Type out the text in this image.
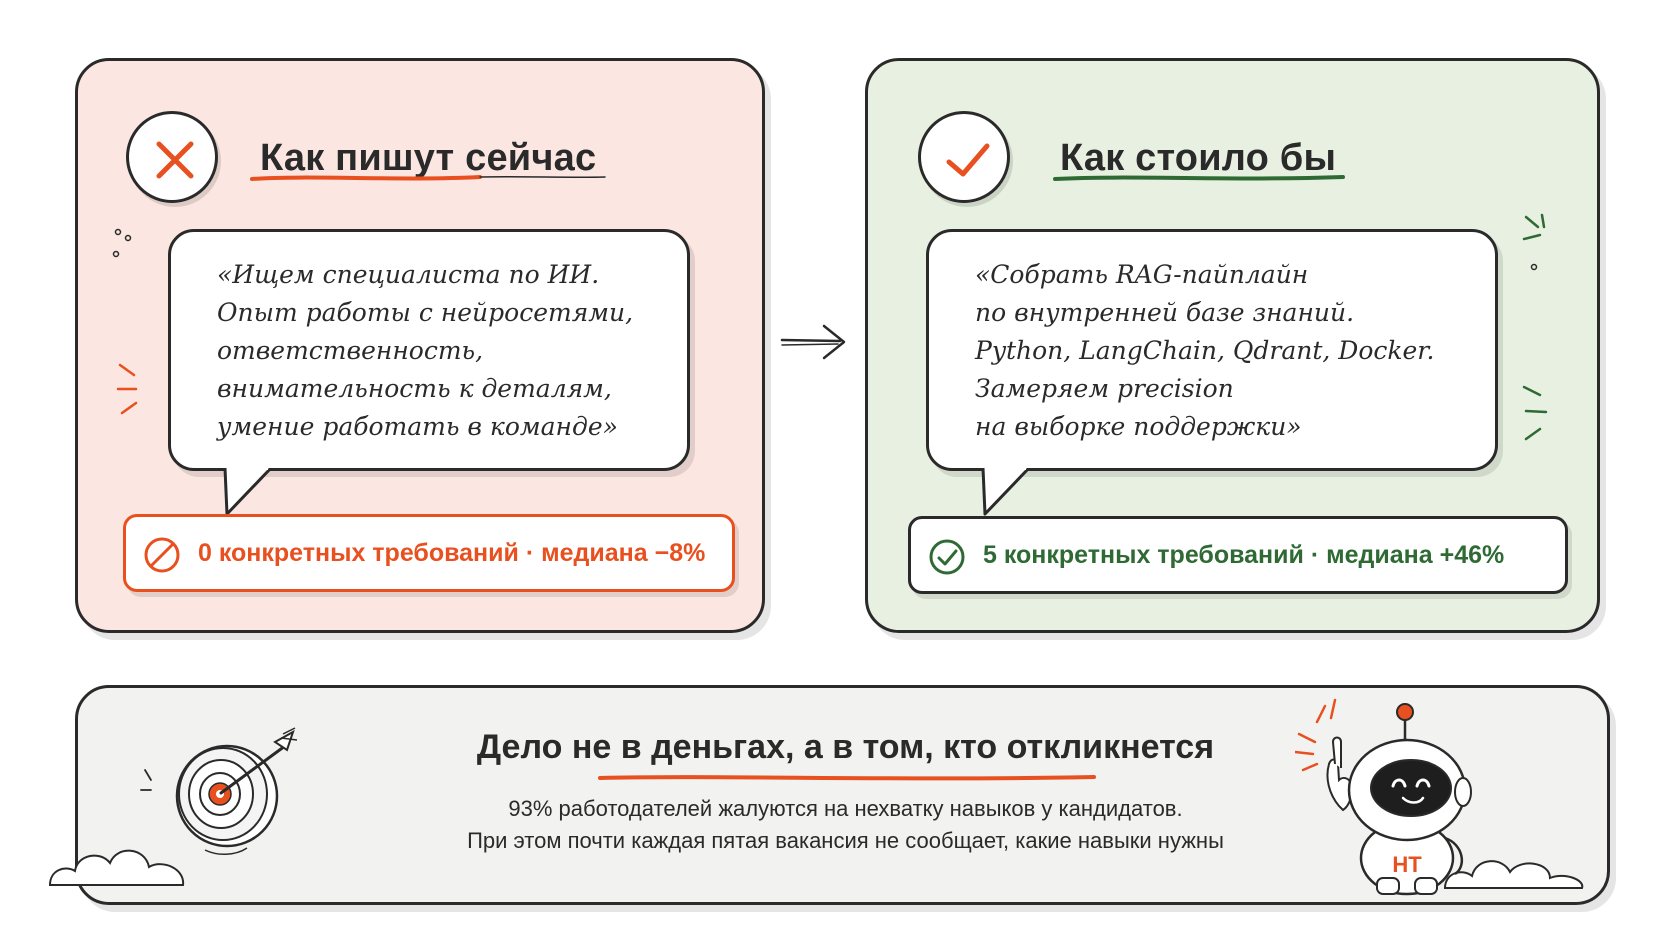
Как пишут сейчас
«Ищем специалиста по ИИ.
Опыт работы с нейросетями,
ответственность,
внимательность к деталям,
умение работать в команде»
0 конкретных требований · медиана −8%
Как стоило бы
«Собрать RAG-пайплайн
по внутренней базе знаний.
Python, LangChain, Qdrant, Docker.
Замеряем precision
на выборке поддержки»
5 конкретных требований · медиана +46%
Дело не в деньгах, а в том, кто откликнется
93% работодателей жалуются на нехватку навыков у кандидатов.
При этом почти каждая пятая вакансия не сообщает, какие навыки нужны
НТ
